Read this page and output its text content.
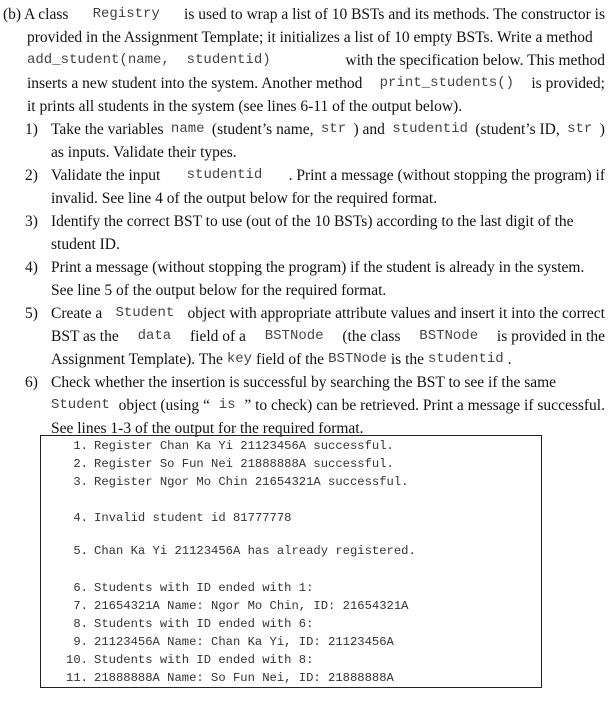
(b) A class Registry is used to wrap a list of 10 BSTs and its methods. The constructor is
provided in the Assignment Template; it initializes a list of 10 empty BSTs. Write a method
add_student(name,  studentid)	with the specification below. This method
inserts a new student into the system. Another method print_students() is provided;
it prints all students in the system (see lines 6-11 of the output below).
1) Take the variables name (student’s name, str ) and studentid (student’s ID, str )
as inputs. Validate their types.
2) Validate the input studentid . Print a message (without stopping the program) if
invalid. See line 4 of the output below for the required format.
3) Identify the correct BST to use (out of the 10 BSTs) according to the last digit of the
student ID.
4) Print a message (without stopping the program) if the student is already in the system.
See line 5 of the output below for the required format.
5) Create a Student object with appropriate attribute values and insert it into the correct
BST as the data field of a BSTNode (the class BSTNode is provided in the
Assignment Template). The key field of the BSTNode is the studentid .
6) Check whether the insertion is successful by searching the BST to see if the same
Student object (using “ is ” to check) can be retrieved. Print a message if successful.
See lines 1-3 of the output for the required format.
1. Register Chan Ka Yi 21123456A successful.
2. Register So Fun Nei 21888888A successful.
3. Register Ngor Mo Chin 21654321A successful.
4. Invalid student id 81777778
5. Chan Ka Yi 21123456A has already registered.
6. Students with ID ended with 1:
7. 21654321A Name: Ngor Mo Chin, ID: 21654321A
8. Students with ID ended with 6:
9. 21123456A Name: Chan Ka Yi, ID: 21123456A
10. Students with ID ended with 8:
11. 21888888A Name: So Fun Nei, ID: 21888888A
